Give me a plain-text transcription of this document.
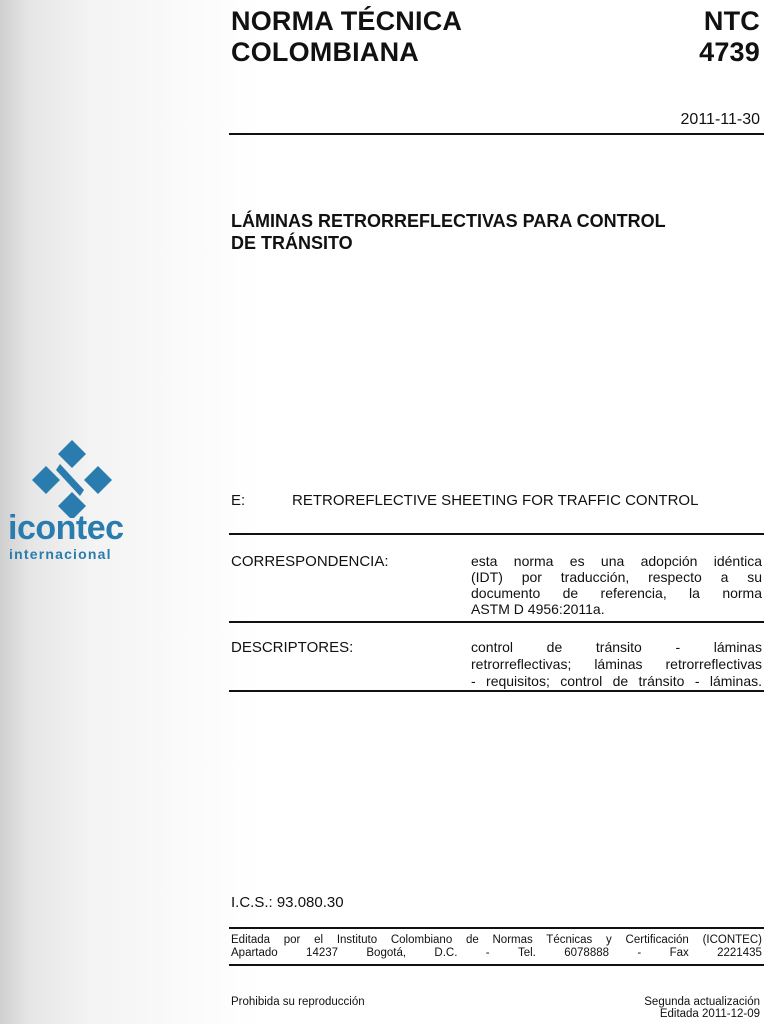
NORMA TÉCNICA
COLOMBIANA
NTC
4739
2011-11-30
LÁMINAS RETRORREFLECTIVAS PARA CONTROL
DE TRÁNSITO
icontec
internacional
E:	RETROREFLECTIVE SHEETING FOR TRAFFIC CONTROL
CORRESPONDENCIA:	esta norma es una adopción idéntica
(IDT) por traducción, respecto a su
documento de referencia, la norma
ASTM D 4956:2011a.
DESCRIPTORES:	control de tránsito - láminas
retrorreflectivas; láminas retrorreflectivas
- requisitos; control de tránsito - láminas.
I.C.S.: 93.080.30
Editada por el Instituto Colombiano de Normas Técnicas y Certificación (ICONTEC)
Apartado 14237 Bogotá, D.C. - Tel. 6078888 - Fax 2221435
Prohibida su reproducción	Segunda actualización
Editada 2011-12-09
